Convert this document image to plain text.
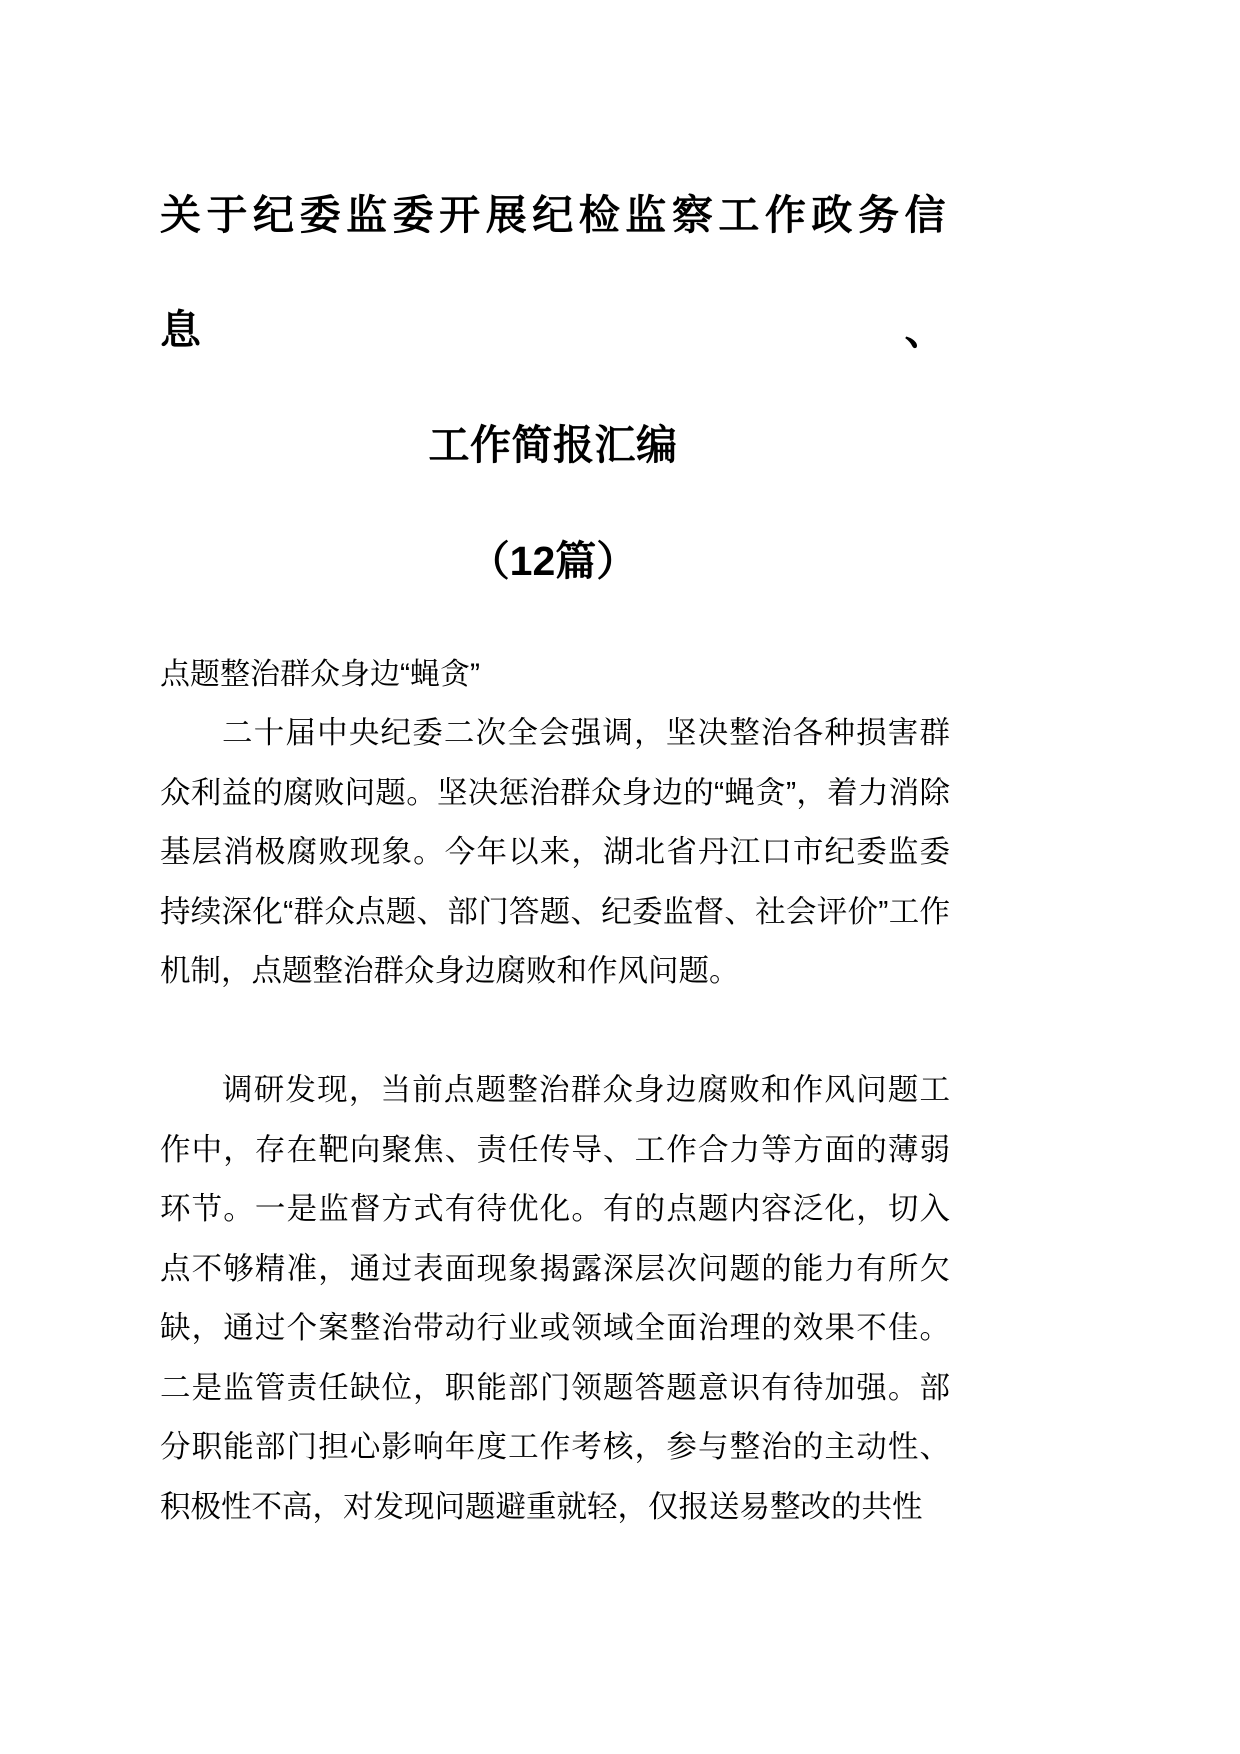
关于纪委监委开展纪检监察工作政务信息、
工作简报汇编
（12篇）
点题整治群众身边“蝇贪”

二十届中央纪委二次全会强调，坚决整治各种损害群众利益的腐败问题。坚决惩治群众身边的“蝇贪”，着力消除基层消极腐败现象。今年以来，湖北省丹江口市纪委监委持续深化“群众点题、部门答题、纪委监督、社会评价”工作机制，点题整治群众身边腐败和作风问题。

调研发现，当前点题整治群众身边腐败和作风问题工作中，存在靶向聚焦、责任传导、工作合力等方面的薄弱环节。一是监督方式有待优化。有的点题内容泛化，切入点不够精准，通过表面现象揭露深层次问题的能力有所欠缺，通过个案整治带动行业或领域全面治理的效果不佳。二是监管责任缺位，职能部门领题答题意识有待加强。部分职能部门担心影响年度工作考核，参与整治的主动性、积极性不高，对发现问题避重就轻，仅报送易整改的共性
